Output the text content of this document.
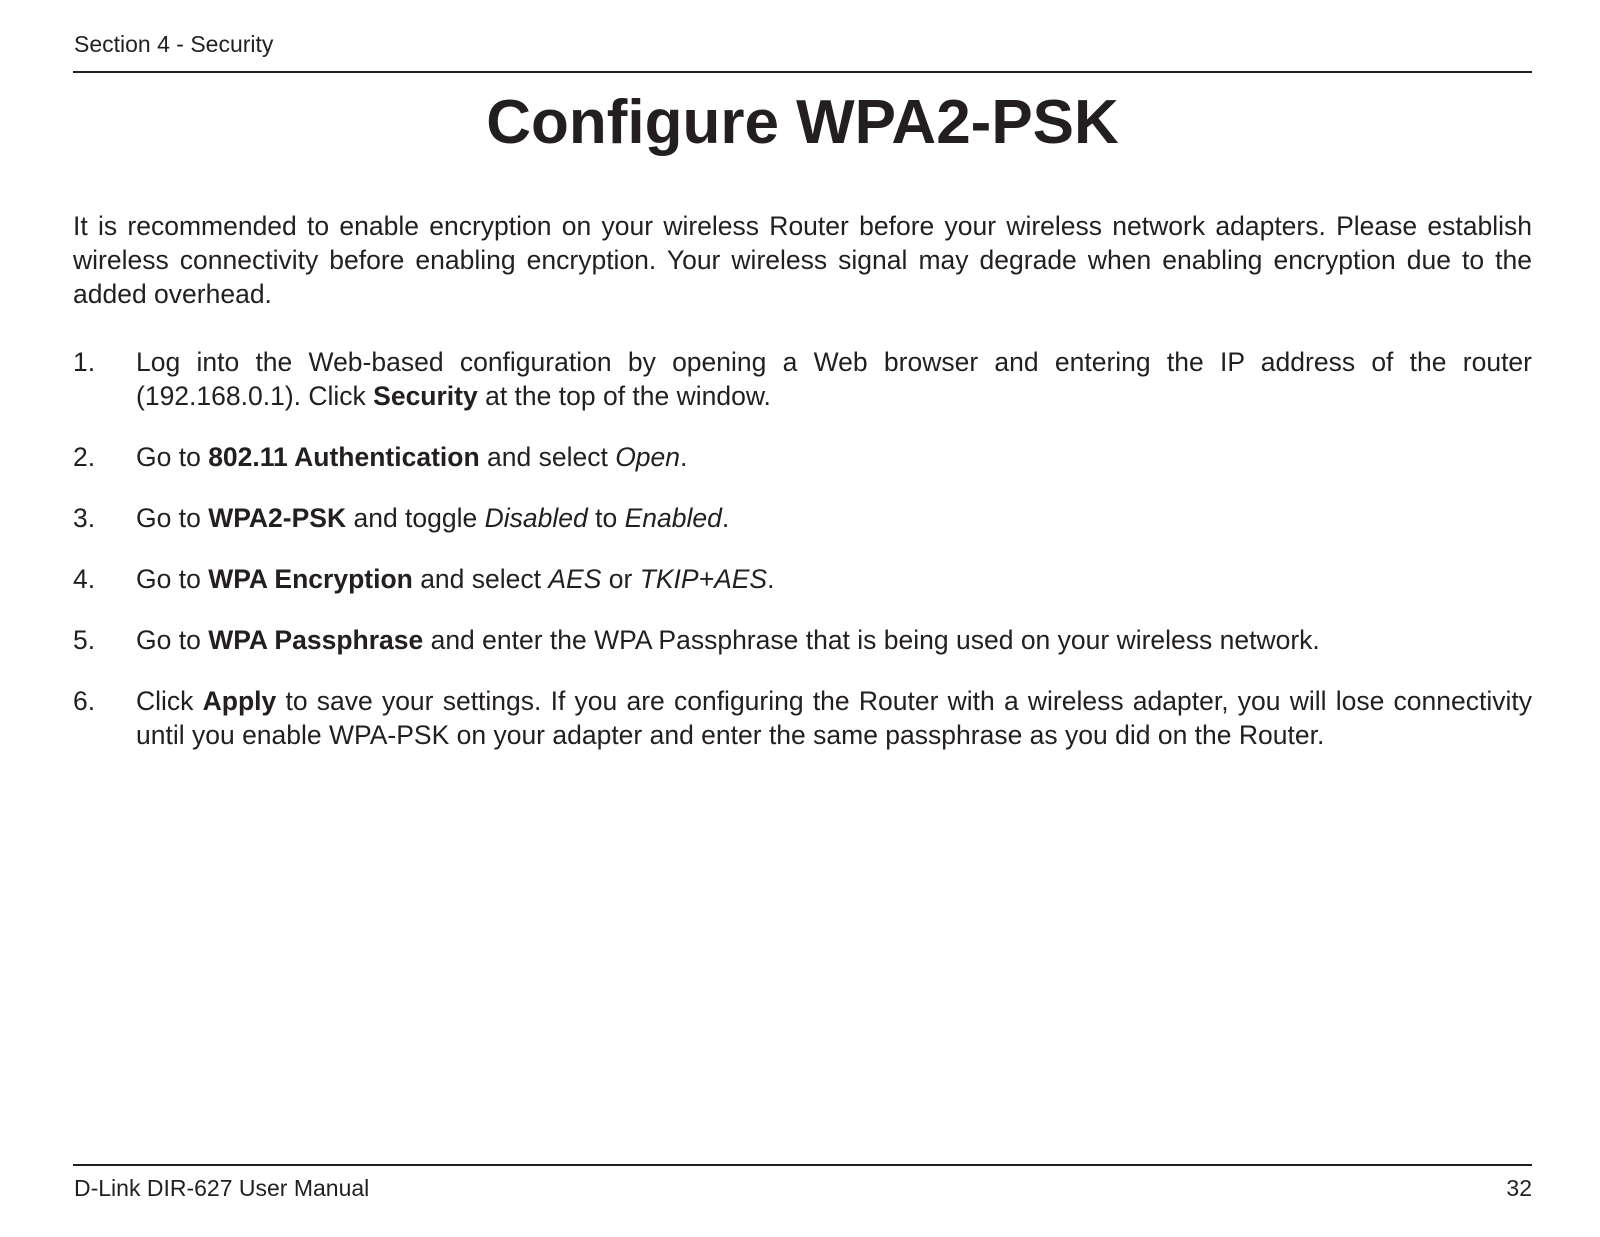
Section 4 - Security
Configure WPA2-PSK

It is recommended to enable encryption on your wireless Router before your wireless network adapters. Please establish wireless connectivity before enabling encryption. Your wireless signal may degrade when enabling encryption due to the added overhead.

1.	Log into the Web-based configuration by opening a Web browser and entering the IP address of the router (192.168.0.1). Click Security at the top of the window.
2.	Go to 802.11 Authentication and select Open.
3.	Go to WPA2-PSK and toggle Disabled to Enabled.
4.	Go to WPA Encryption and select AES or TKIP+AES.
5.	Go to WPA Passphrase and enter the WPA Passphrase that is being used on your wireless network.
6.	Click Apply to save your settings. If you are configuring the Router with a wireless adapter, you will lose connectivity until you enable WPA-PSK on your adapter and enter the same passphrase as you did on the Router.
D-Link DIR-627 User Manual	32
